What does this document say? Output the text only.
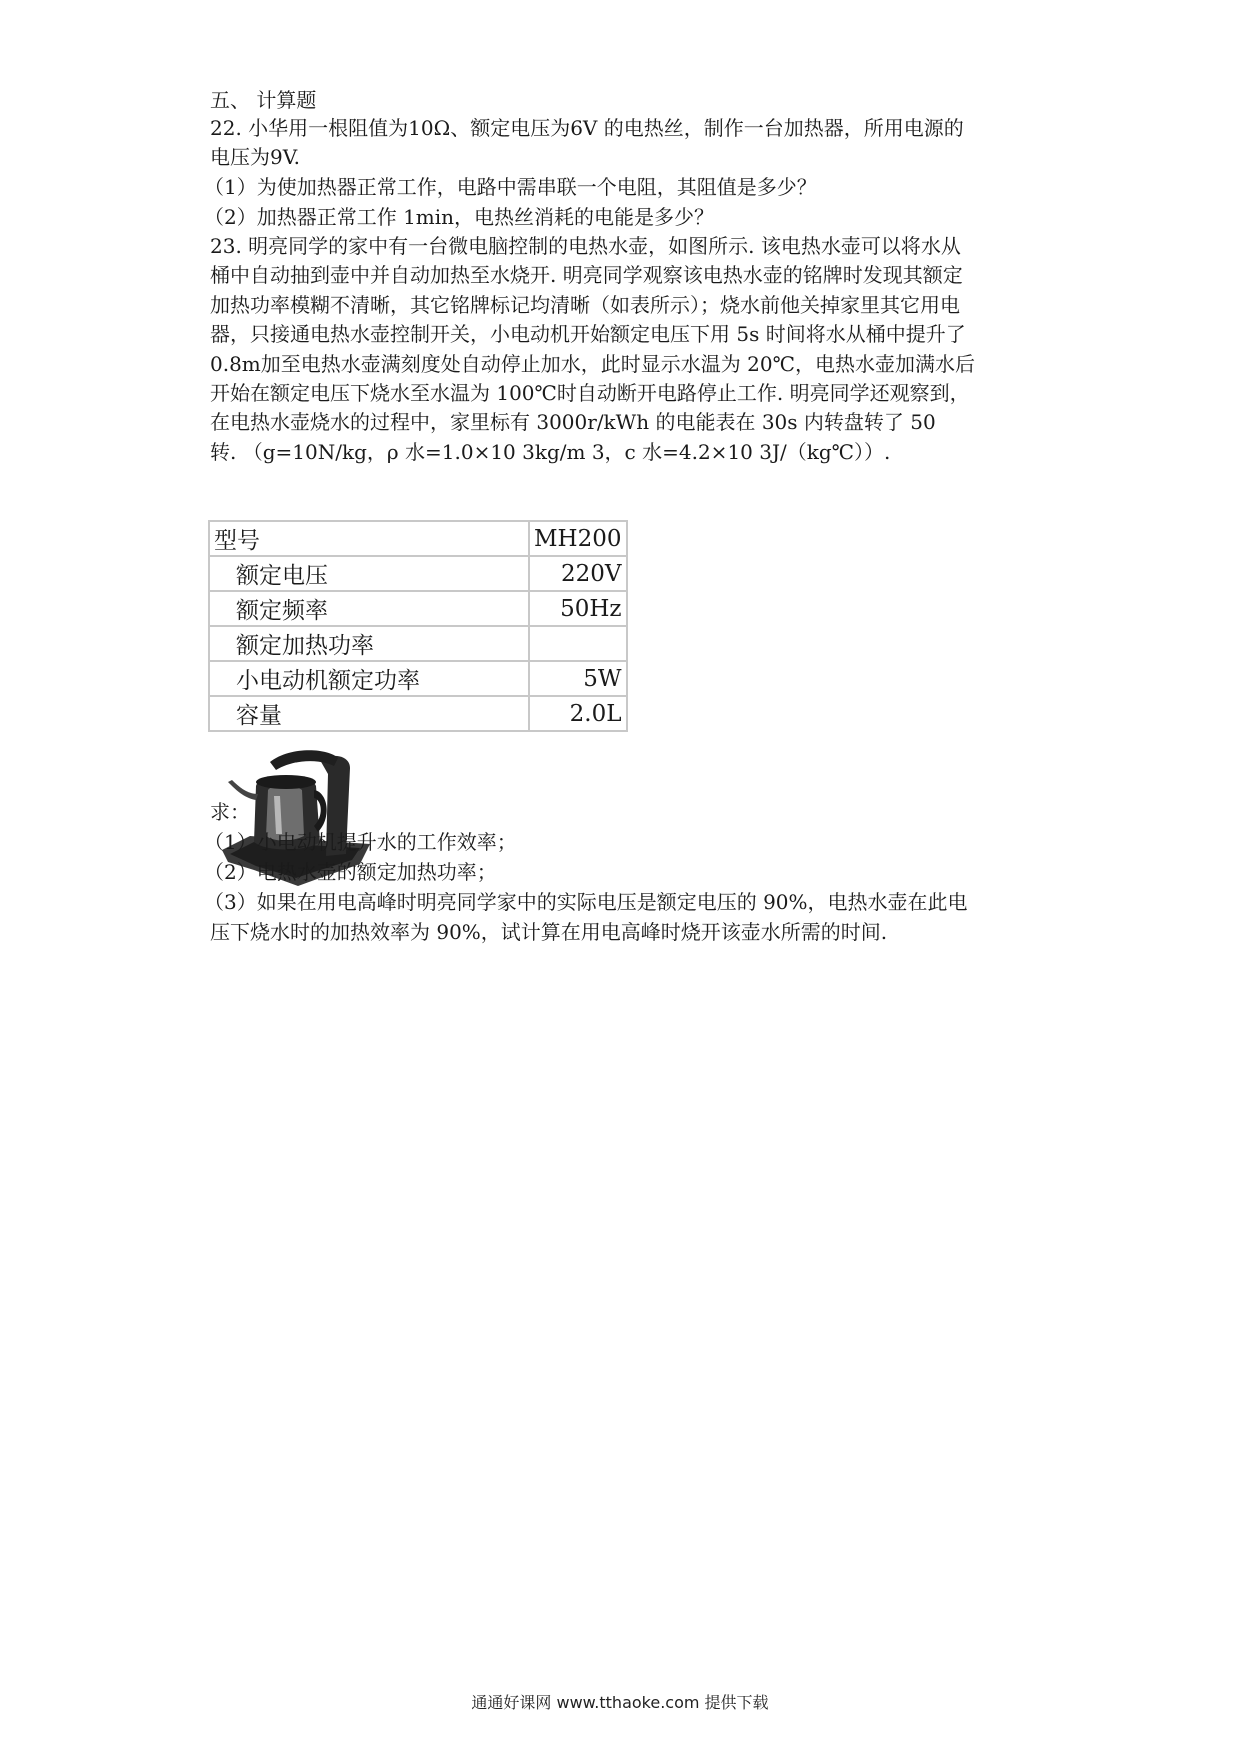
五、 计算题
22. 小华用一根阻值为10Ω、额定电压为6V 的电热丝，制作一台加热器，所用电源的
电压为9V.
（1）为使加热器正常工作，电路中需串联一个电阻，其阻值是多少？
（2）加热器正常工作 1min，电热丝消耗的电能是多少？
23. 明亮同学的家中有一台微电脑控制的电热水壶，如图所示. 该电热水壶可以将水从
桶中自动抽到壶中并自动加热至水烧开. 明亮同学观察该电热水壶的铭牌时发现其额定
加热功率模糊不清晰，其它铭牌标记均清晰（如表所示）；烧水前他关掉家里其它用电
器，只接通电热水壶控制开关，小电动机开始额定电压下用 5s 时间将水从桶中提升了
0.8m加至电热水壶满刻度处自动停止加水，此时显示水温为 20℃，电热水壶加满水后
开始在额定电压下烧水至水温为 100℃时自动断开电路停止工作. 明亮同学还观察到，
在电热水壶烧水的过程中，家里标有 3000r/kWh 的电能表在 30s 内转盘转了 50
转. （g=10N/kg，ρ 水=1.0×10 3kg/m 3，c 水=4.2×10 3J/（kg℃））.
型号	MH200
额定电压	220V
额定频率	50Hz
额定加热功率	
小电动机额定功率	5W
容量	2.0L
求：
（1）小电动机提升水的工作效率；
（2）电热水壶的额定加热功率；
（3）如果在用电高峰时明亮同学家中的实际电压是额定电压的 90%，电热水壶在此电
压下烧水时的加热效率为 90%，试计算在用电高峰时烧开该壶水所需的时间.
通通好课网 www.tthaoke.com 提供下载
